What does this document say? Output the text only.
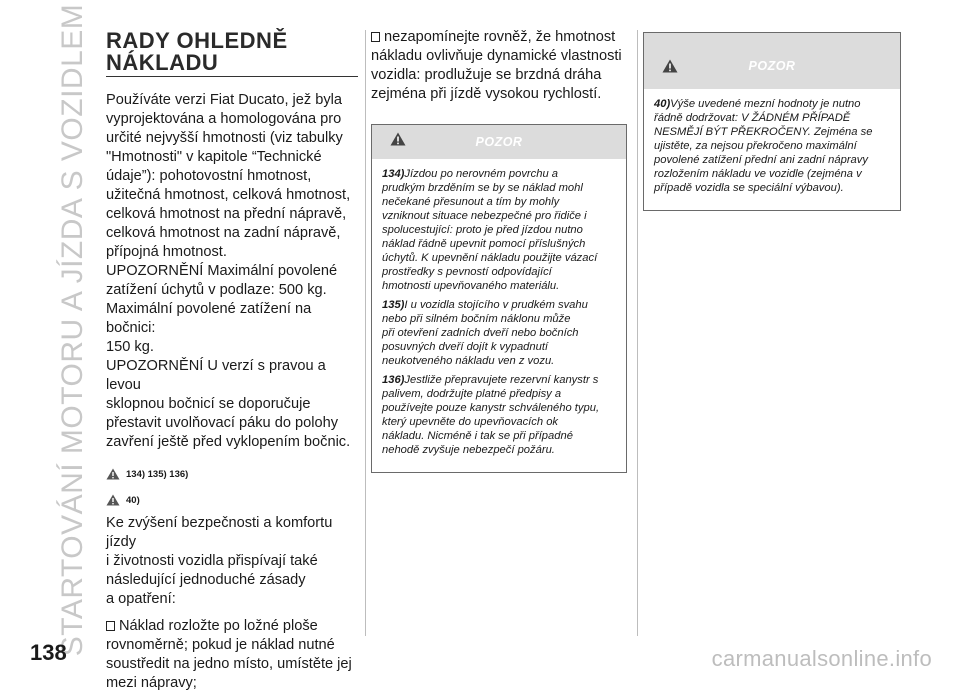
STARTOVÁNÍ MOTORU A JÍZDA S VOZIDLEM
138
RADY OHLEDNĚ
NÁKLADU

Používáte verzi Fiat Ducato, jež byla
vyprojektována a homologována pro
určité nejvyšší hmotnosti (viz tabulky
"Hmotnosti" v kapitole “Technické
údaje”): pohotovostní hmotnost,
užitečná hmotnost, celková hmotnost,
celková hmotnost na přední nápravě,
celková hmotnost na zadní nápravě,
přípojná hmotnost.

UPOZORNĚNÍ Maximální povolené
zatížení úchytů v podlaze: 500 kg.
Maximální povolené zatížení na bočnici:
150 kg.

UPOZORNĚNÍ U verzí s pravou a levou
sklopnou bočnicí se doporučuje
přestavit uvolňovací páku do polohy
zavření ještě před vyklopením bočnic.

134) 135) 136)
40)

Ke zvýšení bezpečnosti a komfortu jízdy
i životnosti vozidla přispívají také
následující jednoduché zásady
a opatření:

Náklad rozložte po ložné ploše
rovnoměrně; pokud je náklad nutné
soustředit na jedno místo, umístěte jej
mezi nápravy;

nezapomínejte rovněž, že hmotnost
nákladu ovlivňuje dynamické vlastnosti
vozidla: prodlužuje se brzdná dráha
zejména při jízdě vysokou rychlostí.

POZOR

134)Jízdou po nerovném povrchu a
prudkým brzděním se by se náklad mohl
nečekané přesunout a tím by mohly
vzniknout situace nebezpečné pro řidiče i
spolucestující: proto je před jízdou nutno
náklad řádně upevnit pomocí příslušných
úchytů. K upevnění nákladu použijte vázací
prostředky s pevností odpovídající
hmotnosti upevňovaného materiálu.

135)I u vozidla stojícího v prudkém svahu
nebo při silném bočním náklonu může
při otevření zadních dveří nebo bočních
posuvných dveří dojít k vypadnutí
neukotveného nákladu ven z vozu.

136)Jestliže přepravujete rezervní kanystr s
palivem, dodržujte platné předpisy a
používejte pouze kanystr schváleného typu,
který upevněte do upevňovacích ok
nákladu. Nicméně i tak se při případné
nehodě zvyšuje nebezpečí požáru.

POZOR

40)Výše uvedené mezní hodnoty je nutno
řádně dodržovat: V ŽÁDNÉM PŘÍPADĚ
NESMĚJÍ BÝT PŘEKROČENY. Zejména se
ujistěte, za nejsou překročeno maximální
povolené zatížení přední ani zadní nápravy
rozložením nákladu ve vozidle (zejména v
případě vozidla se speciální výbavou).

carmanualsonline.info
